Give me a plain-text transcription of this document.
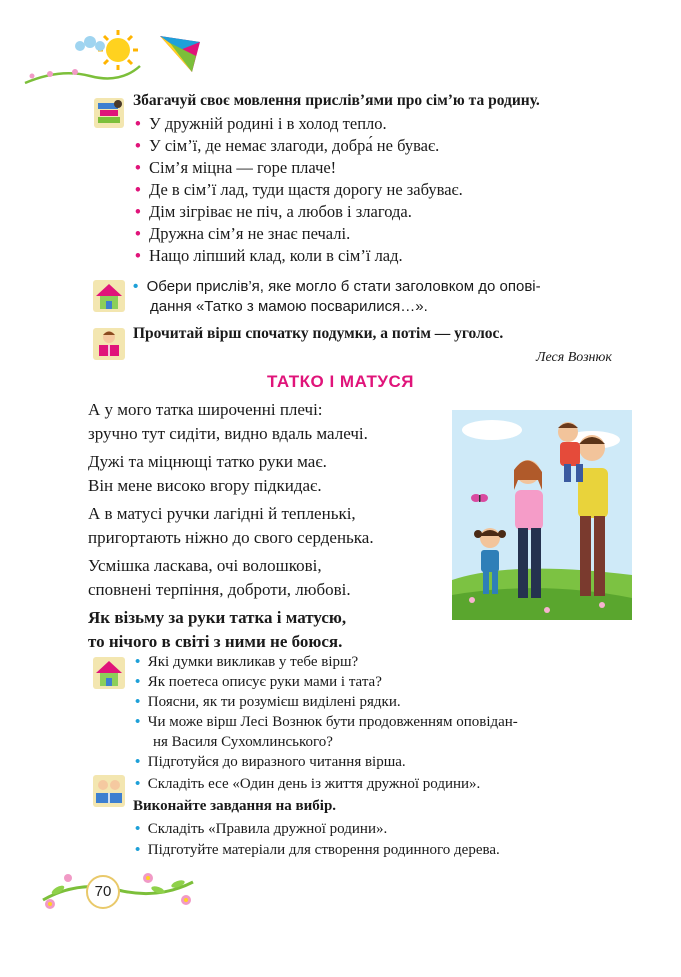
Збагачуй своє мовлення прислів’ями про сім’ю та родину.
• У дружній родині і в холод тепло.
• У сім’ї, де немає злагоди, добра́ не буває.
• Сім’я міцна — горе плаче!
• Де в сім’ї лад, туди щастя дорогу не забуває.
• Дім зігріває не піч, а любов і злагода.
• Дружна сім’я не знає печалі.
• Нащо ліпший клад, коли в сім’ї лад.
• Обери прислів’я, яке могло б стати заголовком до опові-
дання «Татко з мамою посварилися…».
Прочитай вірш спочатку подумки, а потім — уголос.
Леся Вознюк
ТАТКО І МАТУСЯ
А у мого татка широченні плечі:
зручно тут сидіти, видно вдаль малечі.
Дужі та міцнющі татко руки має.
Він мене високо вгору підкидає.
А в матусі ручки лагідні й тепленькі,
пригортають ніжно до свого серденька.
Усмішка ласкава, очі волошкові,
сповнені терпіння, доброти, любові.
Як візьму за руки татка і матусю,
то нічого в світі з ними не боюся.
• Які думки викликав у тебе вірш?
• Як поетеса описує руки мами і тата?
• Поясни, як ти розумієш виділені рядки.
• Чи може вірш Лесі Вознюк бути продовженням оповідан-
ня Василя Сухомлинського?
• Підготуйся до виразного читання вірша.
• Складіть есе «Один день із життя дружної родини».
Виконайте завдання на вибір.
• Складіть «Правила дружної родини».
• Підготуйте матеріали для створення родинного дерева.
70
